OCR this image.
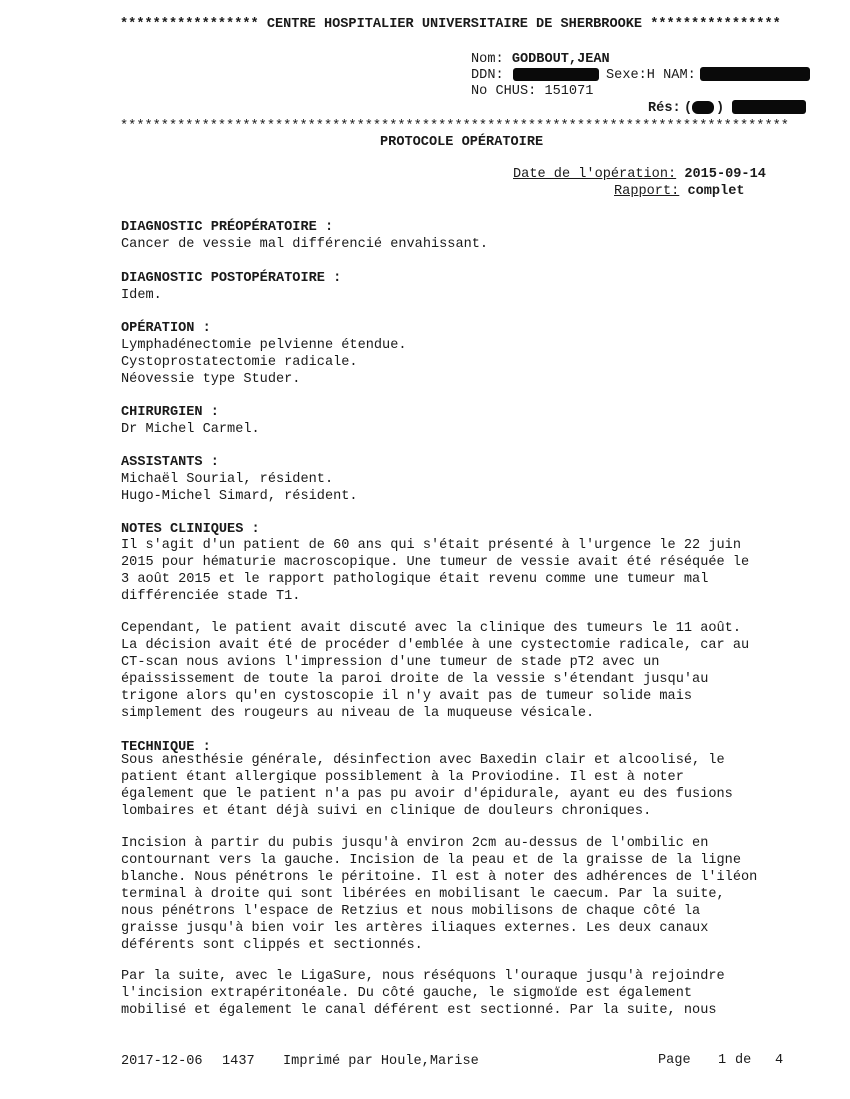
***************** CENTRE HOSPITALIER UNIVERSITAIRE DE SHERBROOKE ****************
Nom: GODBOUT,JEAN
DDN:	Sexe:H NAM:
No CHUS: 151071
Rés: ( )
**********************************************************************************
PROTOCOLE OPÉRATOIRE
Date de l'opération: 2015-09-14
Rapport: complet
DIAGNOSTIC PRÉOPÉRATOIRE :
Cancer de vessie mal différencié envahissant.
DIAGNOSTIC POSTOPÉRATOIRE :
Idem.
OPÉRATION :
Lymphadénectomie pelvienne étendue.
Cystoprostatectomie radicale.
Néovessie type Studer.
CHIRURGIEN :
Dr Michel Carmel.
ASSISTANTS :
Michaël Sourial, résident.
Hugo-Michel Simard, résident.
NOTES CLINIQUES :
Il s'agit d'un patient de 60 ans qui s'était présenté à l'urgence le 22 juin
2015 pour hématurie macroscopique. Une tumeur de vessie avait été réséquée le
3 août 2015 et le rapport pathologique était revenu comme une tumeur mal
différenciée stade T1.
Cependant, le patient avait discuté avec la clinique des tumeurs le 11 août.
La décision avait été de procéder d'emblée à une cystectomie radicale, car au
CT-scan nous avions l'impression d'une tumeur de stade pT2 avec un
épaississement de toute la paroi droite de la vessie s'étendant jusqu'au
trigone alors qu'en cystoscopie il n'y avait pas de tumeur solide mais
simplement des rougeurs au niveau de la muqueuse vésicale.
TECHNIQUE :
Sous anesthésie générale, désinfection avec Baxedin clair et alcoolisé, le
patient étant allergique possiblement à la Proviodine. Il est à noter
également que le patient n'a pas pu avoir d'épidurale, ayant eu des fusions
lombaires et étant déjà suivi en clinique de douleurs chroniques.
Incision à partir du pubis jusqu'à environ 2cm au-dessus de l'ombilic en
contournant vers la gauche. Incision de la peau et de la graisse de la ligne
blanche. Nous pénétrons le péritoine. Il est à noter des adhérences de l'iléon
terminal à droite qui sont libérées en mobilisant le caecum. Par la suite,
nous pénétrons l'espace de Retzius et nous mobilisons de chaque côté la
graisse jusqu'à bien voir les artères iliaques externes. Les deux canaux
déférents sont clippés et sectionnés.
Par la suite, avec le LigaSure, nous réséquons l'ouraque jusqu'à rejoindre
l'incision extrapéritonéale. Du côté gauche, le sigmoïde est également
mobilisé et également le canal déférent est sectionné. Par la suite, nous
2017-12-06 1437 Imprimé par Houle,Marise	Page 1 de 4
